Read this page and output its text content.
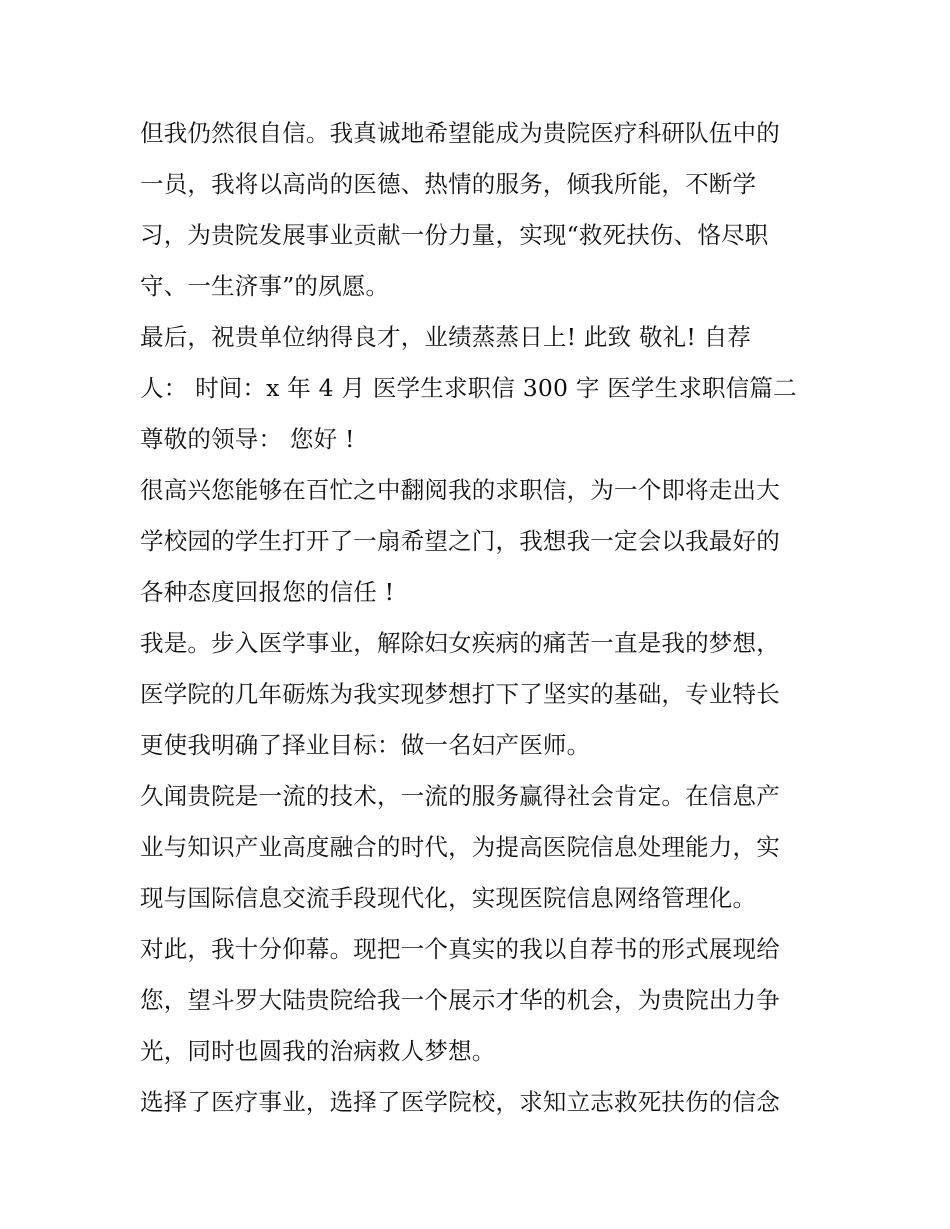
但我仍然很自信。我真诚地希望能成为贵院医疗科研队伍中的
一员，我将以高尚的医德、热情的服务，倾我所能，不断学
习，为贵院发展事业贡献一份力量，实现“救死扶伤、恪尽职
守、一生济事”的夙愿。
最后，祝贵单位纳得良才，业绩蒸蒸日上! 此致 敬礼! 自荐
人： 时间：x 年 4 月 医学生求职信 300 字 医学生求职信篇二
尊敬的领导： 您好 !
很高兴您能够在百忙之中翻阅我的求职信，为一个即将走出大
学校园的学生打开了一扇希望之门，我想我一定会以我最好的
各种态度回报您的信任 !
我是。步入医学事业，解除妇女疾病的痛苦一直是我的梦想，
医学院的几年砺炼为我实现梦想打下了坚实的基础，专业特长
更使我明确了择业目标：做一名妇产医师。
久闻贵院是一流的技术，一流的服务赢得社会肯定。在信息产
业与知识产业高度融合的时代，为提高医院信息处理能力，实
现与国际信息交流手段现代化，实现医院信息网络管理化。
对此，我十分仰幕。现把一个真实的我以自荐书的形式展现给
您，望斗罗大陆贵院给我一个展示才华的机会，为贵院出力争
光，同时也圆我的治病救人梦想。
选择了医疗事业，选择了医学院校，求知立志救死扶伤的信念
